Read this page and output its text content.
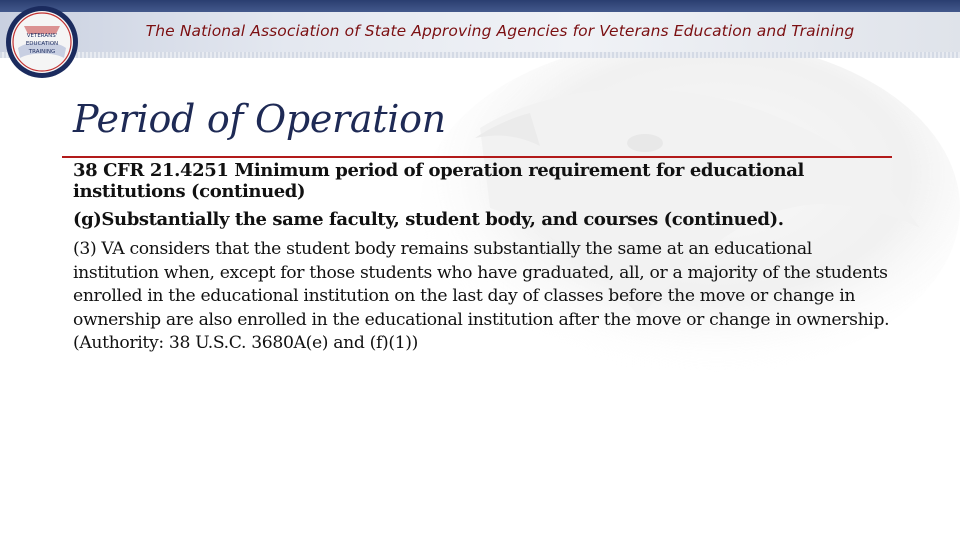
VETERANS'
EDUCATION
TRAINING
The National Association of State Approving Agencies for Veterans Education and Training
Period of Operation

38 CFR 21.4251 Minimum period of operation requirement for educational institutions (continued)

(g)Substantially the same faculty, student body, and courses (continued).

(3) VA considers that the student body remains substantially the same at an educational institution when, except for those students who have graduated, all, or a majority of the students enrolled in the educational institution on the last day of classes before the move or change in ownership are also enrolled in the educational institution after the move or change in ownership. (Authority: 38 U.S.C. 3680A(e) and (f)(1))
